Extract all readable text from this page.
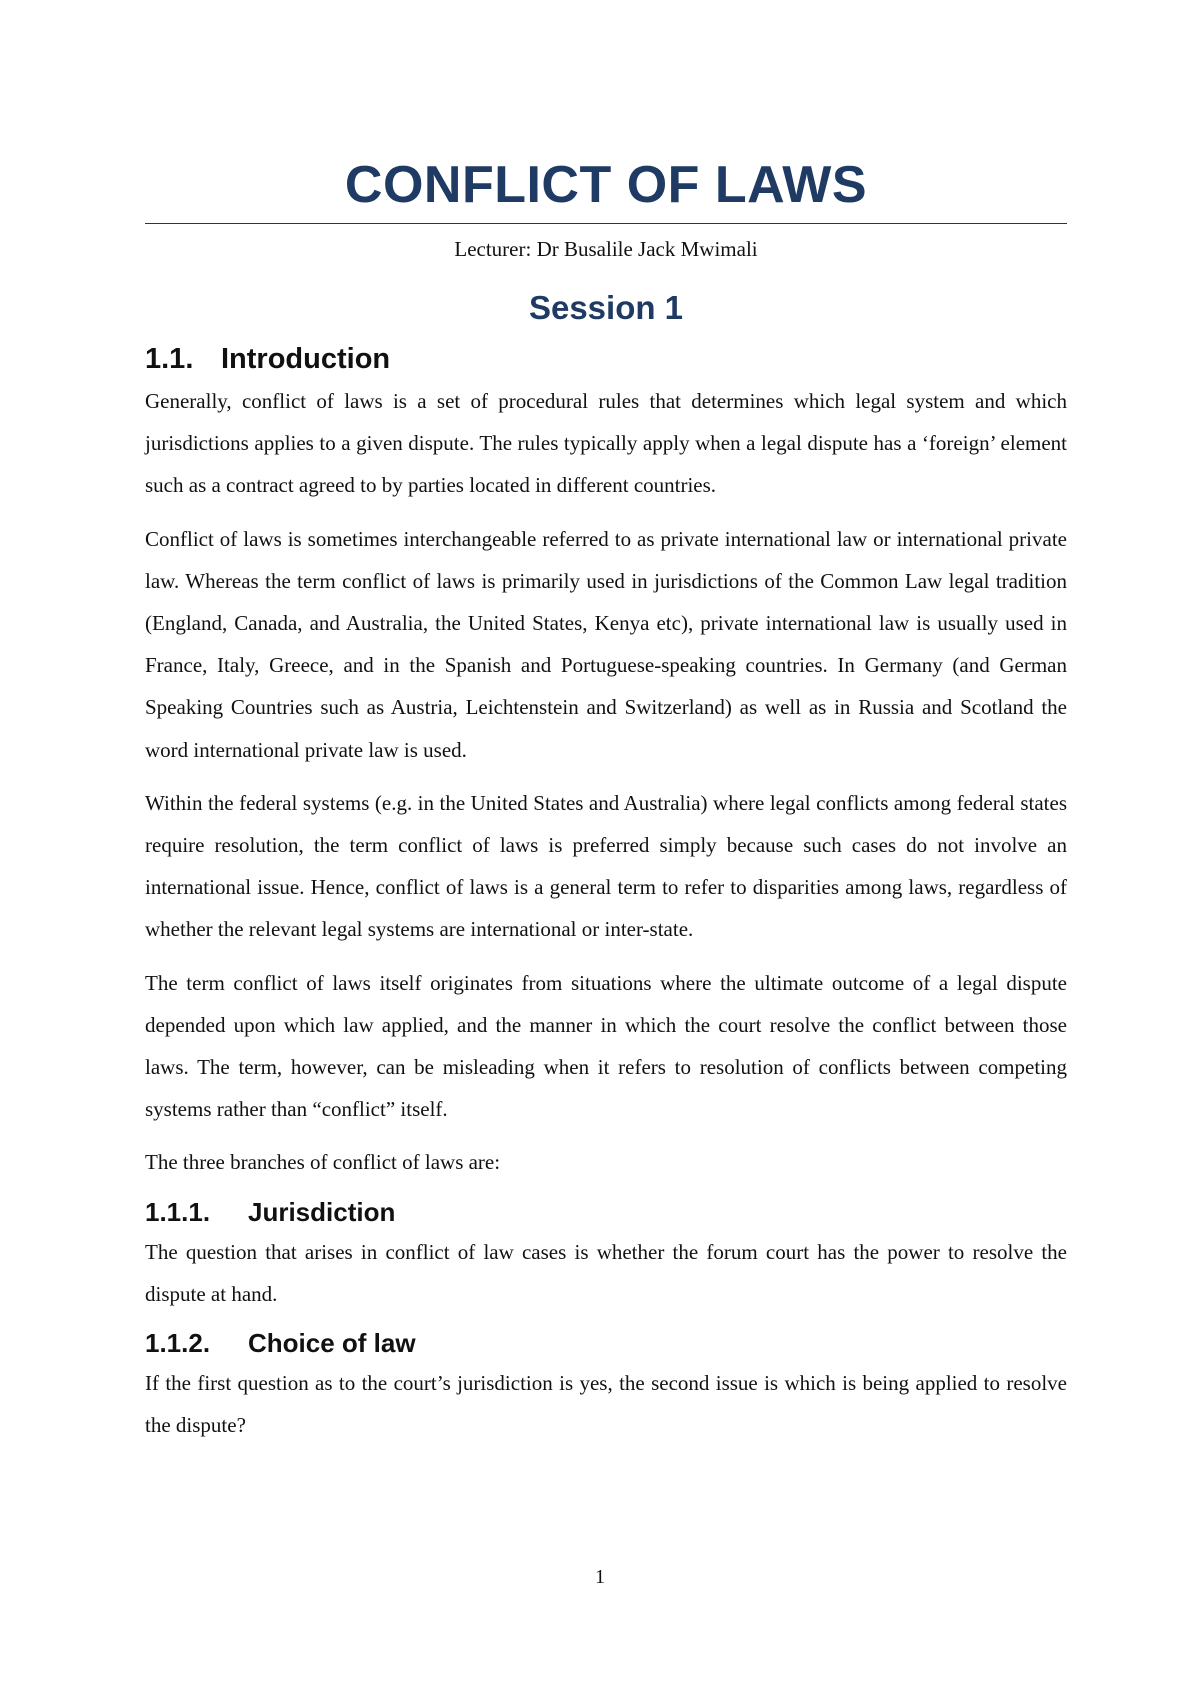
CONFLICT OF LAWS

Lecturer: Dr Busalile Jack Mwimali

Session 1
1.1. Introduction

Generally, conflict of laws is a set of procedural rules that determines which legal system and which jurisdictions applies to a given dispute. The rules typically apply when a legal dispute has a ‘foreign’ element such as a contract agreed to by parties located in different countries.

Conflict of laws is sometimes interchangeable referred to as private international law or international private law. Whereas the term conflict of laws is primarily used in jurisdictions of the Common Law legal tradition (England, Canada, and Australia, the United States, Kenya etc), private international law is usually used in France, Italy, Greece, and in the Spanish and Portuguese-speaking countries. In Germany (and German Speaking Countries such as Austria, Leichtenstein and Switzerland) as well as in Russia and Scotland the word international private law is used.

Within the federal systems (e.g. in the United States and Australia) where legal conflicts among federal states require resolution, the term conflict of laws is preferred simply because such cases do not involve an international issue. Hence, conflict of laws is a general term to refer to disparities among laws, regardless of whether the relevant legal systems are international or inter-state.

The term conflict of laws itself originates from situations where the ultimate outcome of a legal dispute depended upon which law applied, and the manner in which the court resolve the conflict between those laws. The term, however, can be misleading when it refers to resolution of conflicts between competing systems rather than “conflict” itself.

The three branches of conflict of laws are:

1.1.1. Jurisdiction

The question that arises in conflict of law cases is whether the forum court has the power to resolve the dispute at hand.

1.1.2. Choice of law

If the first question as to the court’s jurisdiction is yes, the second issue is which is being applied to resolve the dispute?

1
